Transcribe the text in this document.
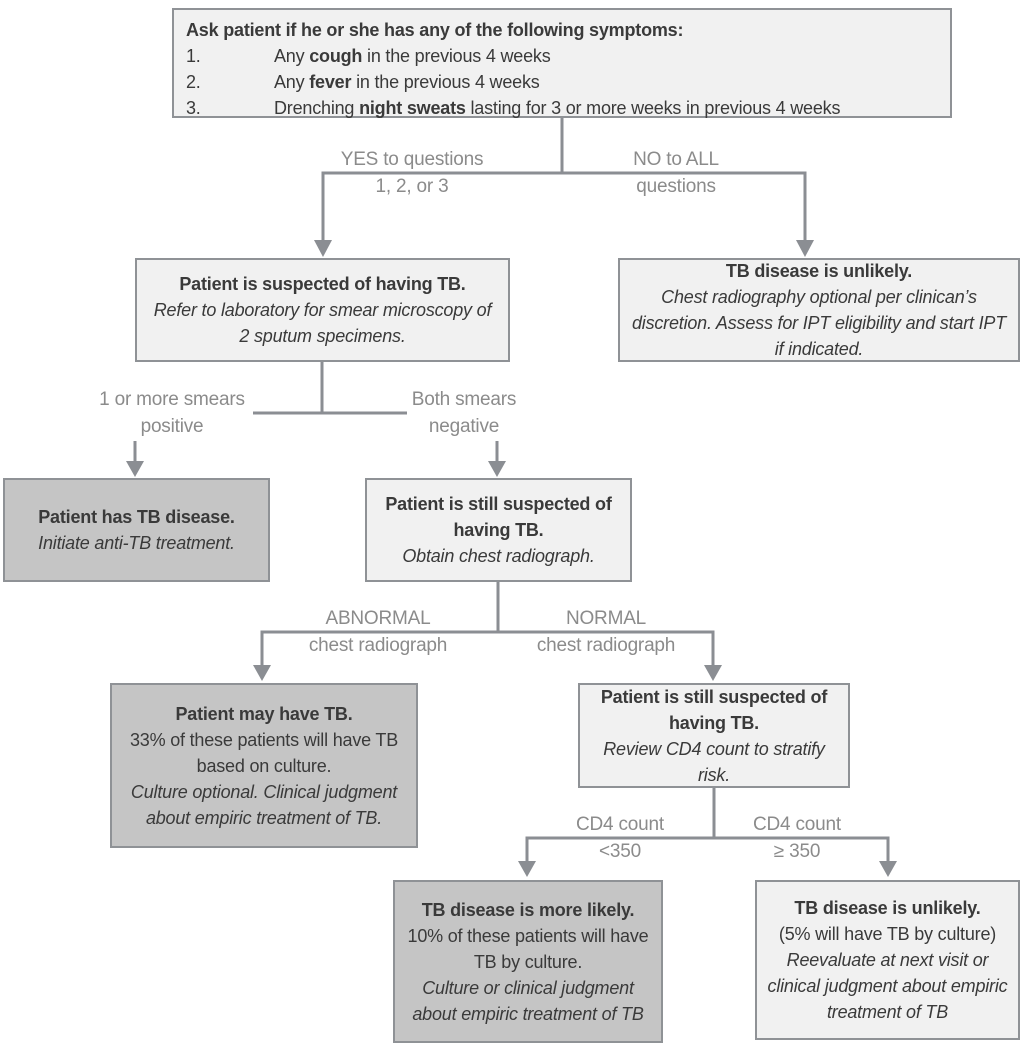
Ask patient if he or she has any of the following symptoms:
1.	Any cough in the previous 4 weeks
2.	Any fever in the previous 4 weeks
3.	Drenching night sweats lasting for 3 or more weeks in previous 4 weeks
YES to questions
1, 2, or 3
NO to ALL
questions
1 or more smears
positive
Both smears
negative
ABNORMAL
chest radiograph
NORMAL
chest radiograph
CD4 count
<350
CD4 count
≥ 350
Patient is suspected of having TB.
Refer to laboratory for smear microscopy of 2 sputum specimens.
TB disease is unlikely.
Chest radiography optional per clinican’s discretion. Assess for IPT eligibility and start IPT if indicated.
Patient has TB disease.
Initiate anti-TB treatment.
Patient is still suspected of having TB.
Obtain chest radiograph.
Patient may have TB.
33% of these patients will have TB based on culture.
Culture optional. Clinical judgment about empiric treatment of TB.
Patient is still suspected of having TB.
Review CD4 count to stratify risk.
TB disease is more likely.
10% of these patients will have TB by culture.
Culture or clinical judgment about empiric treatment of TB
TB disease is unlikely.
(5% will have TB by culture)
Reevaluate at next visit or clinical judgment about empiric treatment of TB
